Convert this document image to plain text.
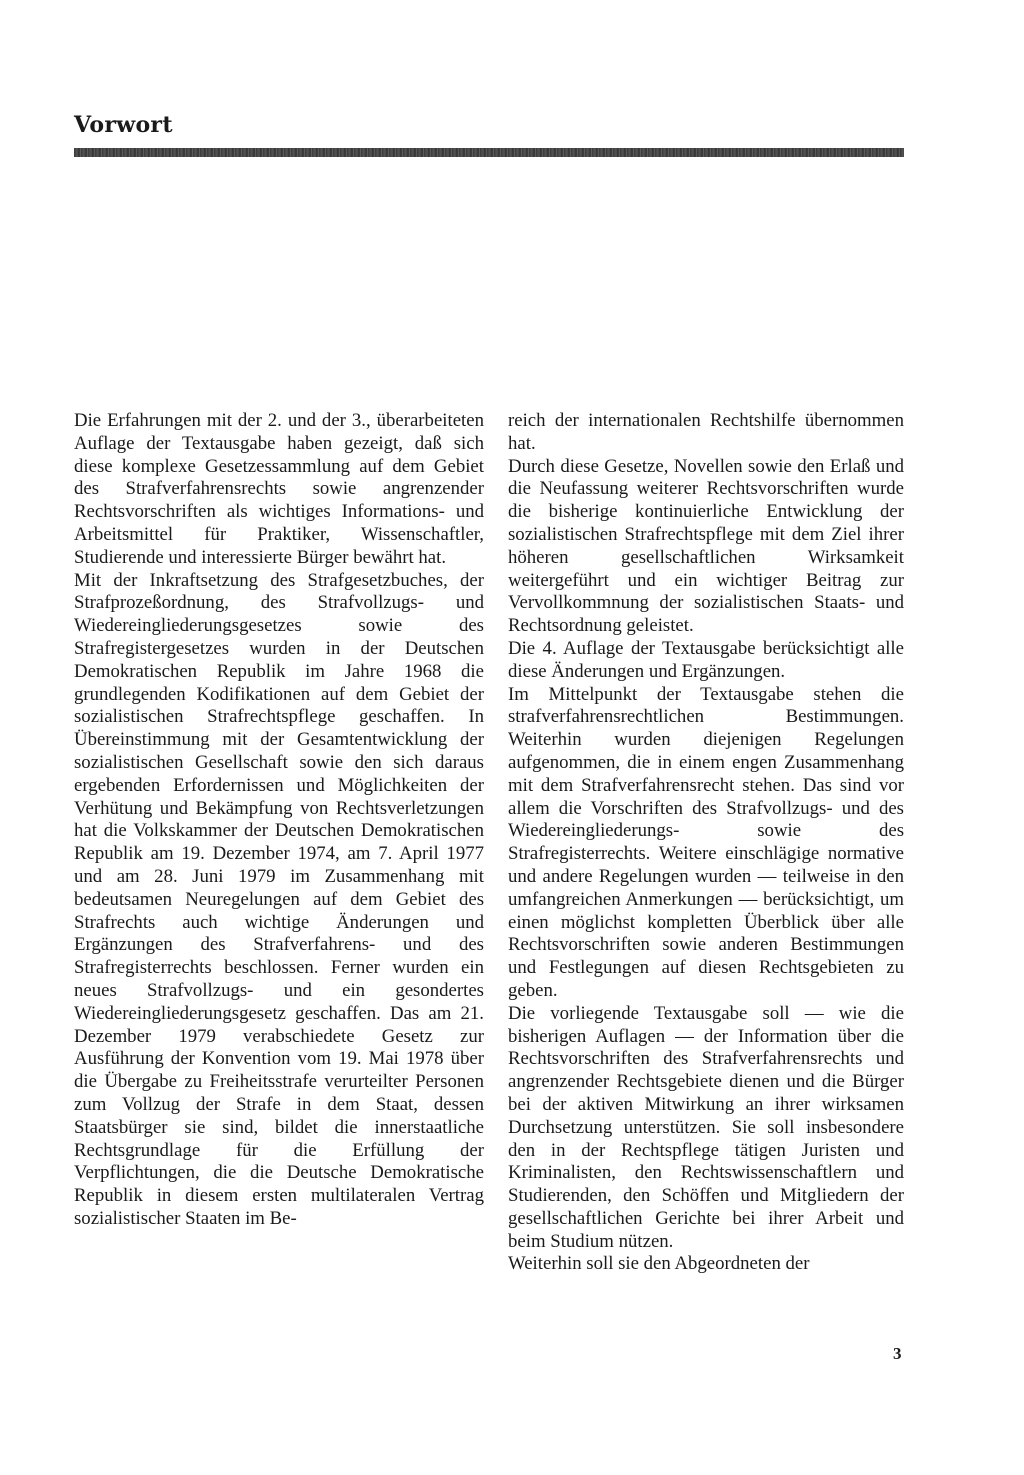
Vorwort

Die Erfahrungen mit der 2. und der 3., überarbeiteten Auflage der Textausgabe haben gezeigt, daß sich diese komplexe Gesetzessammlung auf dem Gebiet des Strafverfahrensrechts sowie angrenzender Rechtsvorschriften als wichtiges Informations- und Arbeitsmittel für Praktiker, Wissenschaftler, Studierende und interessierte Bürger bewährt hat.

Mit der Inkraftsetzung des Strafgesetzbuches, der Strafprozeßordnung, des Strafvollzugs- und Wiedereingliederungsgesetzes sowie des Strafregistergesetzes wurden in der Deutschen Demokratischen Republik im Jahre 1968 die grundlegenden Kodifikationen auf dem Gebiet der sozialistischen Strafrechtspflege geschaffen. In Übereinstimmung mit der Gesamtentwicklung der sozialistischen Gesellschaft sowie den sich daraus ergebenden Erfordernissen und Möglichkeiten der Verhütung und Bekämpfung von Rechtsverletzungen hat die Volkskammer der Deutschen Demokratischen Republik am 19. Dezember 1974, am 7. April 1977 und am 28. Juni 1979 im Zusammenhang mit bedeutsamen Neuregelungen auf dem Gebiet des Strafrechts auch wichtige Änderungen und Ergänzungen des Strafverfahrens- und des Strafregisterrechts beschlossen. Ferner wurden ein neues Strafvollzugs- und ein gesondertes Wiedereingliederungsgesetz geschaffen. Das am 21. Dezember 1979 verabschiedete Gesetz zur Ausführung der Konvention vom 19. Mai 1978 über die Übergabe zu Freiheitsstrafe verurteilter Personen zum Vollzug der Strafe in dem Staat, dessen Staatsbürger sie sind, bildet die innerstaatliche Rechtsgrundlage für die Erfüllung der Verpflichtungen, die die Deutsche Demokratische Republik in diesem ersten multilateralen Vertrag sozialistischer Staaten im Be-

reich der internationalen Rechtshilfe übernommen hat.

Durch diese Gesetze, Novellen sowie den Erlaß und die Neufassung weiterer Rechtsvorschriften wurde die bisherige kontinuierliche Entwicklung der sozialistischen Strafrechtspflege mit dem Ziel ihrer höheren gesellschaftlichen Wirksamkeit weitergeführt und ein wichtiger Beitrag zur Vervollkommnung der sozialistischen Staats- und Rechtsordnung geleistet.

Die 4. Auflage der Textausgabe berücksichtigt alle diese Änderungen und Ergänzungen.

Im Mittelpunkt der Textausgabe stehen die strafverfahrensrechtlichen Bestimmungen. Weiterhin wurden diejenigen Regelungen aufgenommen, die in einem engen Zusammenhang mit dem Strafverfahrensrecht stehen. Das sind vor allem die Vorschriften des Strafvollzugs- und des Wiedereingliederungs- sowie des Strafregisterrechts. Weitere einschlägige normative und andere Regelungen wurden — teilweise in den umfangreichen Anmerkungen — berücksichtigt, um einen möglichst kompletten Überblick über alle Rechtsvorschriften sowie anderen Bestimmungen und Festlegungen auf diesen Rechtsgebieten zu geben.

Die vorliegende Textausgabe soll — wie die bisherigen Auflagen — der Information über die Rechtsvorschriften des Strafverfahrensrechts und angrenzender Rechtsgebiete dienen und die Bürger bei der aktiven Mitwirkung an ihrer wirksamen Durchsetzung unterstützen. Sie soll insbesondere den in der Rechtspflege tätigen Juristen und Kriminalisten, den Rechtswissenschaftlern und Studierenden, den Schöffen und Mitgliedern der gesellschaftlichen Gerichte bei ihrer Arbeit und beim Studium nützen.

Weiterhin soll sie den Abgeordneten der

3
